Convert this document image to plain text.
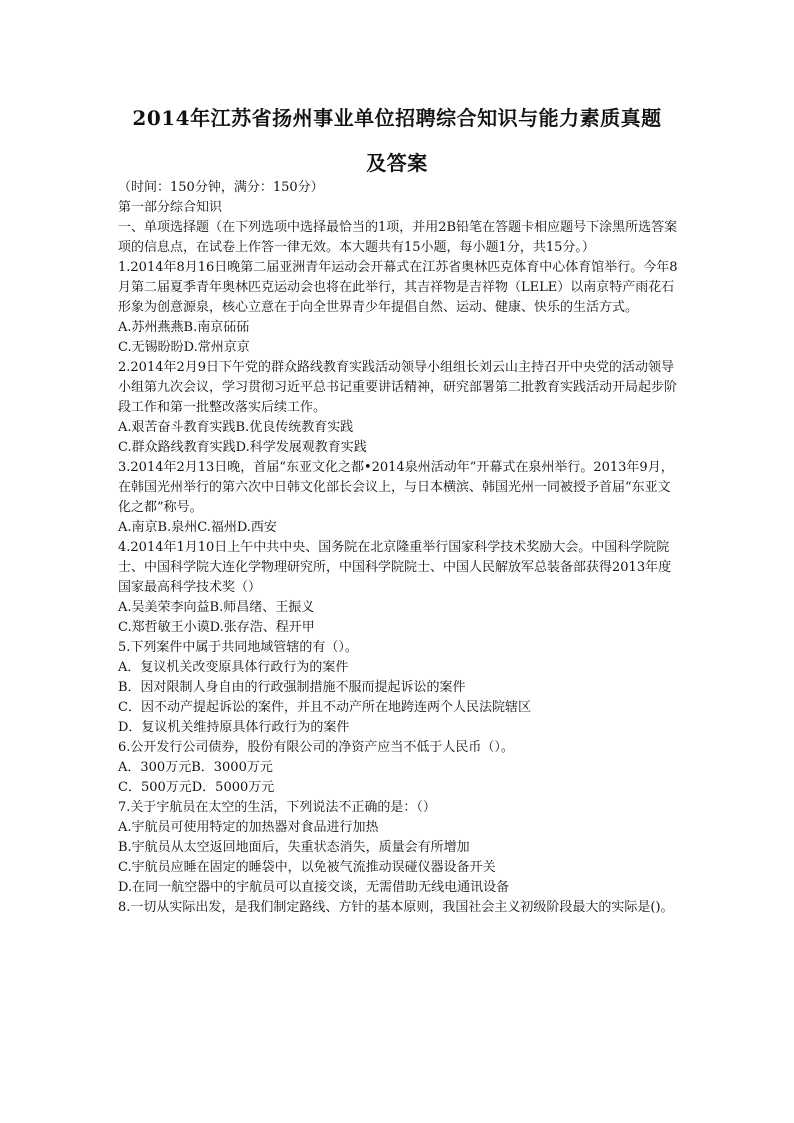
2014年江苏省扬州事业单位招聘综合知识与能力素质真题
及答案

（时间：150分钟，满分：150分）

第一部分综合知识

一、单项选择题（在下列选项中选择最恰当的1项，并用2B铅笔在答题卡相应题号下涂黑所选答案项的信息点，在试卷上作答一律无效。本大题共有15小题，每小题1分，共15分。）

1.2014年8月16日晚第二届亚洲青年运动会开幕式在江苏省奥林匹克体育中心体育馆举行。今年8月第二届夏季青年奥林匹克运动会也将在此举行，其吉祥物是吉祥物（LELE）以南京特产雨花石形象为创意源泉，核心立意在于向全世界青少年提倡自然、运动、健康、快乐的生活方式。

A.苏州燕燕B.南京砳砳

C.无锡盼盼D.常州京京

2.2014年2月9日下午党的群众路线教育实践活动领导小组组长刘云山主持召开中央党的活动领导小组第九次会议，学习贯彻习近平总书记重要讲话精神，研究部署第二批教育实践活动开局起步阶段工作和第一批整改落实后续工作。

A.艰苦奋斗教育实践B.优良传统教育实践

C.群众路线教育实践D.科学发展观教育实践

3.2014年2月13日晚，首届“东亚文化之都•2014泉州活动年”开幕式在泉州举行。2013年9月，在韩国光州举行的第六次中日韩文化部长会议上，与日本横滨、韩国光州一同被授予首届“东亚文化之都”称号。

A.南京B.泉州C.福州D.西安

4.2014年1月10日上午中共中央、国务院在北京隆重举行国家科学技术奖励大会。中国科学院院士、中国科学院大连化学物理研究所，中国科学院院士、中国人民解放军总装备部获得2013年度国家最高科学技术奖（）

A.吴美荣李向益B.师昌绪、王振义

C.郑哲敏王小谟D.张存浩、程开甲

5.下列案件中属于共同地域管辖的有（）。

A．复议机关改变原具体行政行为的案件

B．因对限制人身自由的行政强制措施不服而提起诉讼的案件

C．因不动产提起诉讼的案件，并且不动产所在地跨连两个人民法院辖区

D．复议机关维持原具体行政行为的案件

6.公开发行公司债券，股份有限公司的净资产应当不低于人民币（）。

A．300万元B．3000万元

C．500万元D．5000万元

7.关于宇航员在太空的生活，下列说法不正确的是：（）

A.宇航员可使用特定的加热器对食品进行加热

B.宇航员从太空返回地面后，失重状态消失，质量会有所增加

C.宇航员应睡在固定的睡袋中，以免被气流推动误碰仪器设备开关

D.在同一航空器中的宇航员可以直接交谈，无需借助无线电通讯设备

8.一切从实际出发，是我们制定路线、方针的基本原则，我国社会主义初级阶段最大的实际是()。
